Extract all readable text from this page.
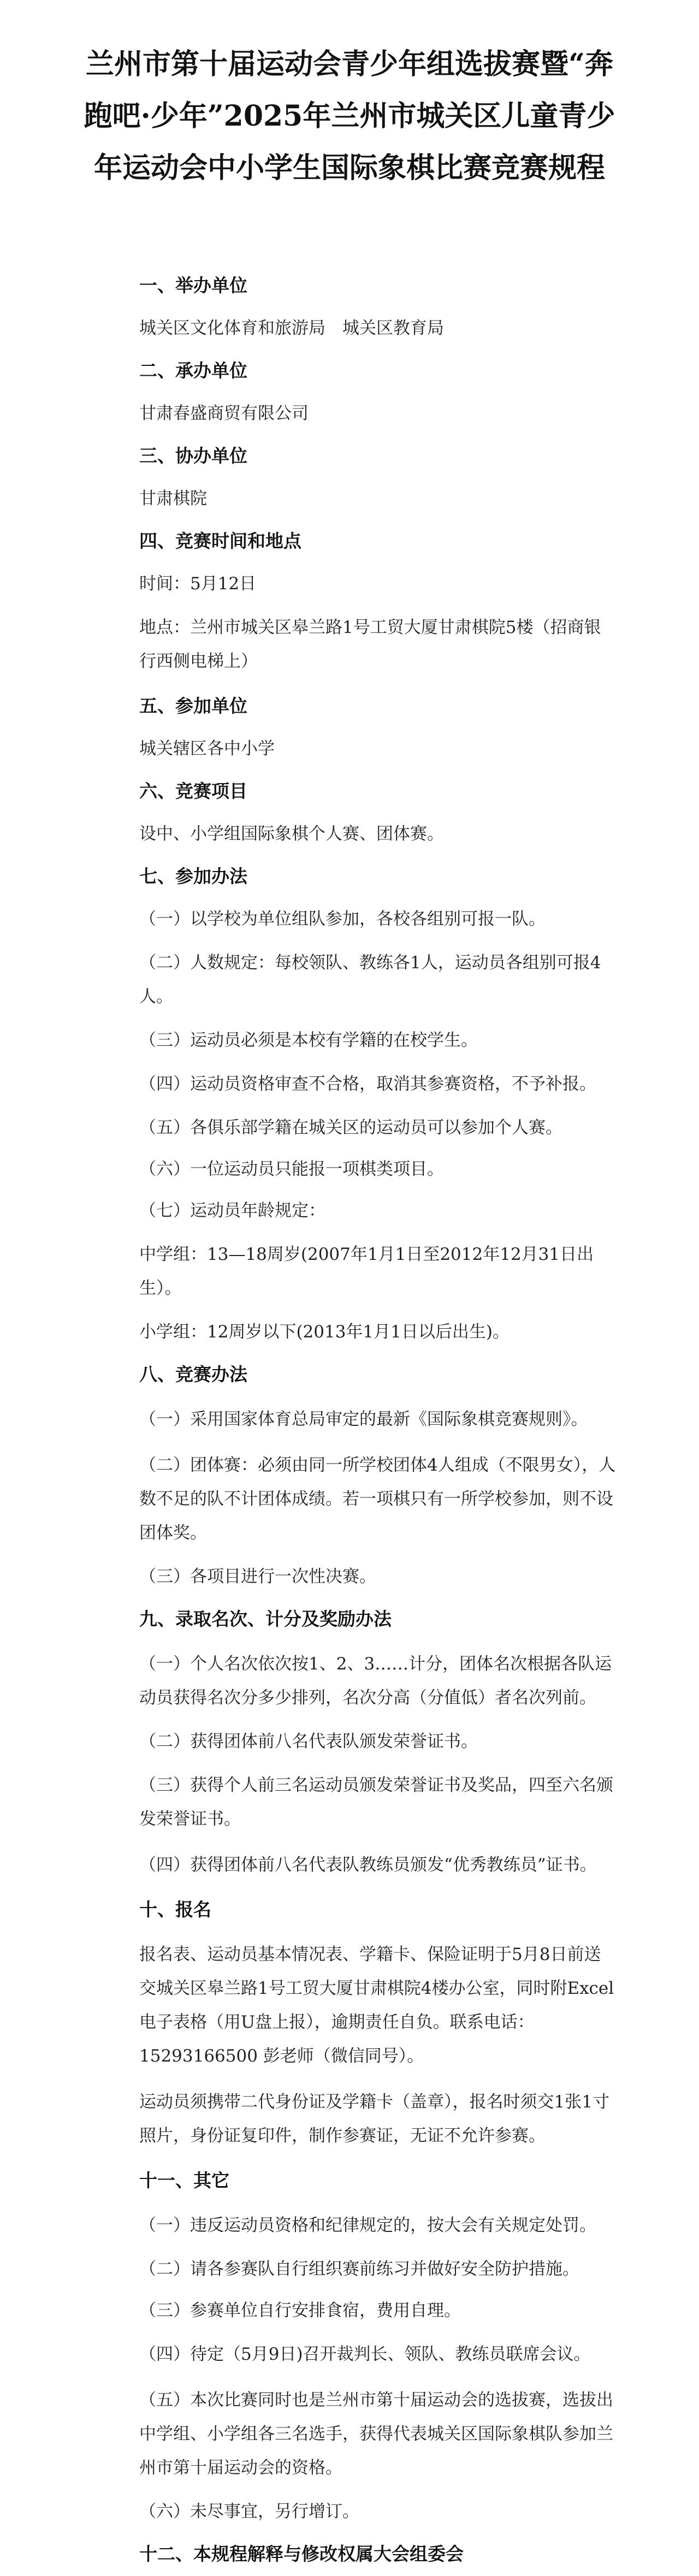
兰州市第十届运动会青少年组选拔赛暨“奔
跑吧·少年”2025年兰州市城关区儿童青少
年运动会中小学生国际象棋比赛竞赛规程
一、举办单位
城关区文化体育和旅游局　城关区教育局
二、承办单位
甘肃春盛商贸有限公司
三、协办单位
甘肃棋院
四、竞赛时间和地点
时间：5月12日
地点：兰州市城关区皋兰路1号工贸大厦甘肃棋院5楼（招商银行西侧电梯上）
五、参加单位
城关辖区各中小学
六、竞赛项目
设中、小学组国际象棋个人赛、团体赛。
七、参加办法
（一）以学校为单位组队参加，各校各组别可报一队。
（二）人数规定：每校领队、教练各1人，运动员各组别可报4人。
（三）运动员必须是本校有学籍的在校学生。
（四）运动员资格审查不合格，取消其参赛资格，不予补报。
（五）各俱乐部学籍在城关区的运动员可以参加个人赛。
（六）一位运动员只能报一项棋类项目。
（七）运动员年龄规定：
中学组：13—18周岁(2007年1月1日至2012年12月31日出生）。
小学组：12周岁以下(2013年1月1日以后出生)。
八、竞赛办法
（一）采用国家体育总局审定的最新《国际象棋竞赛规则》。
（二）团体赛：必须由同一所学校团体4人组成（不限男女），人数不足的队不计团体成绩。若一项棋只有一所学校参加，则不设团体奖。
（三）各项目进行一次性决赛。
九、录取名次、计分及奖励办法
（一）个人名次依次按1、2、3……计分，团体名次根据各队运动员获得名次分多少排列，名次分高（分值低）者名次列前。
（二）获得团体前八名代表队颁发荣誉证书。
（三）获得个人前三名运动员颁发荣誉证书及奖品，四至六名颁发荣誉证书。
（四）获得团体前八名代表队教练员颁发“优秀教练员”证书。
十、报名
报名表、运动员基本情况表、学籍卡、保险证明于5月8日前送交城关区皋兰路1号工贸大厦甘肃棋院4楼办公室，同时附Excel电子表格（用U盘上报），逾期责任自负。联系电话：15293166500 彭老师（微信同号）。
运动员须携带二代身份证及学籍卡（盖章），报名时须交1张1寸照片，身份证复印件，制作参赛证，无证不允许参赛。
十一、其它
（一）违反运动员资格和纪律规定的，按大会有关规定处罚。
（二）请各参赛队自行组织赛前练习并做好安全防护措施。
（三）参赛单位自行安排食宿，费用自理。
（四）待定（5月9日)召开裁判长、领队、教练员联席会议。
（五）本次比赛同时也是兰州市第十届运动会的选拔赛，选拔出中学组、小学组各三名选手，获得代表城关区国际象棋队参加兰州市第十届运动会的资格。
（六）未尽事宜，另行增订。
十二、本规程解释与修改权属大会组委会
